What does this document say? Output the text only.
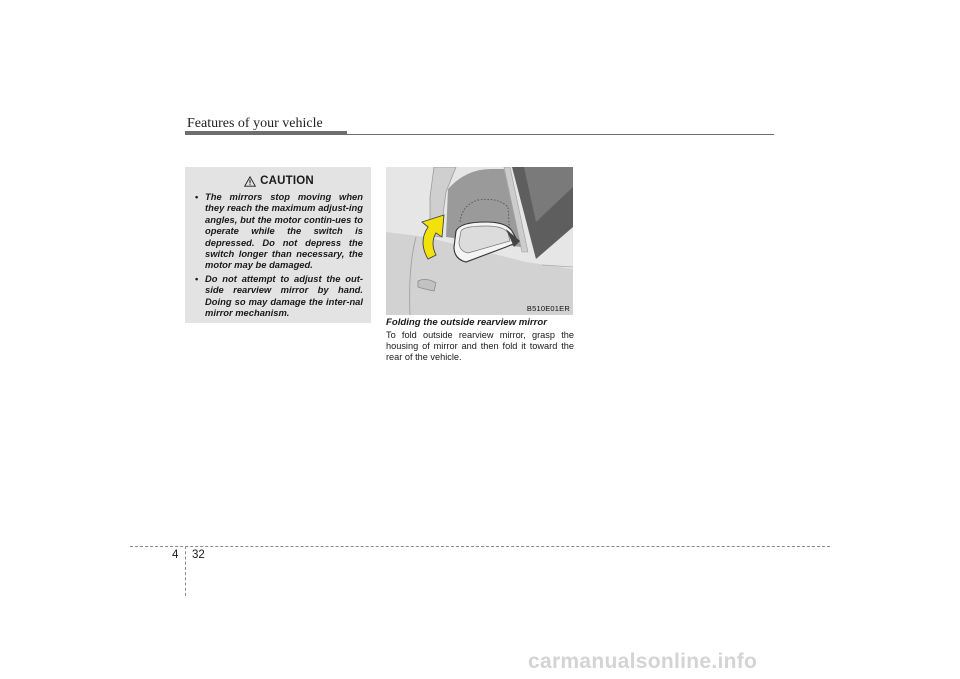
Features of your vehicle
CAUTION
• The mirrors stop moving when they reach the maximum adjust-ing angles, but the motor contin-ues to operate while the switch is depressed. Do not depress the switch longer than necessary, the motor may be damaged.
• Do not attempt to adjust the out-side rearview mirror by hand. Doing so may damage the inter-nal mirror mechanism.	B510E01ER
Folding the outside rearview mirror

To fold outside rearview mirror, grasp the housing of mirror and then fold it toward the rear of the vehicle.

4 32
carmanualsonline.info
